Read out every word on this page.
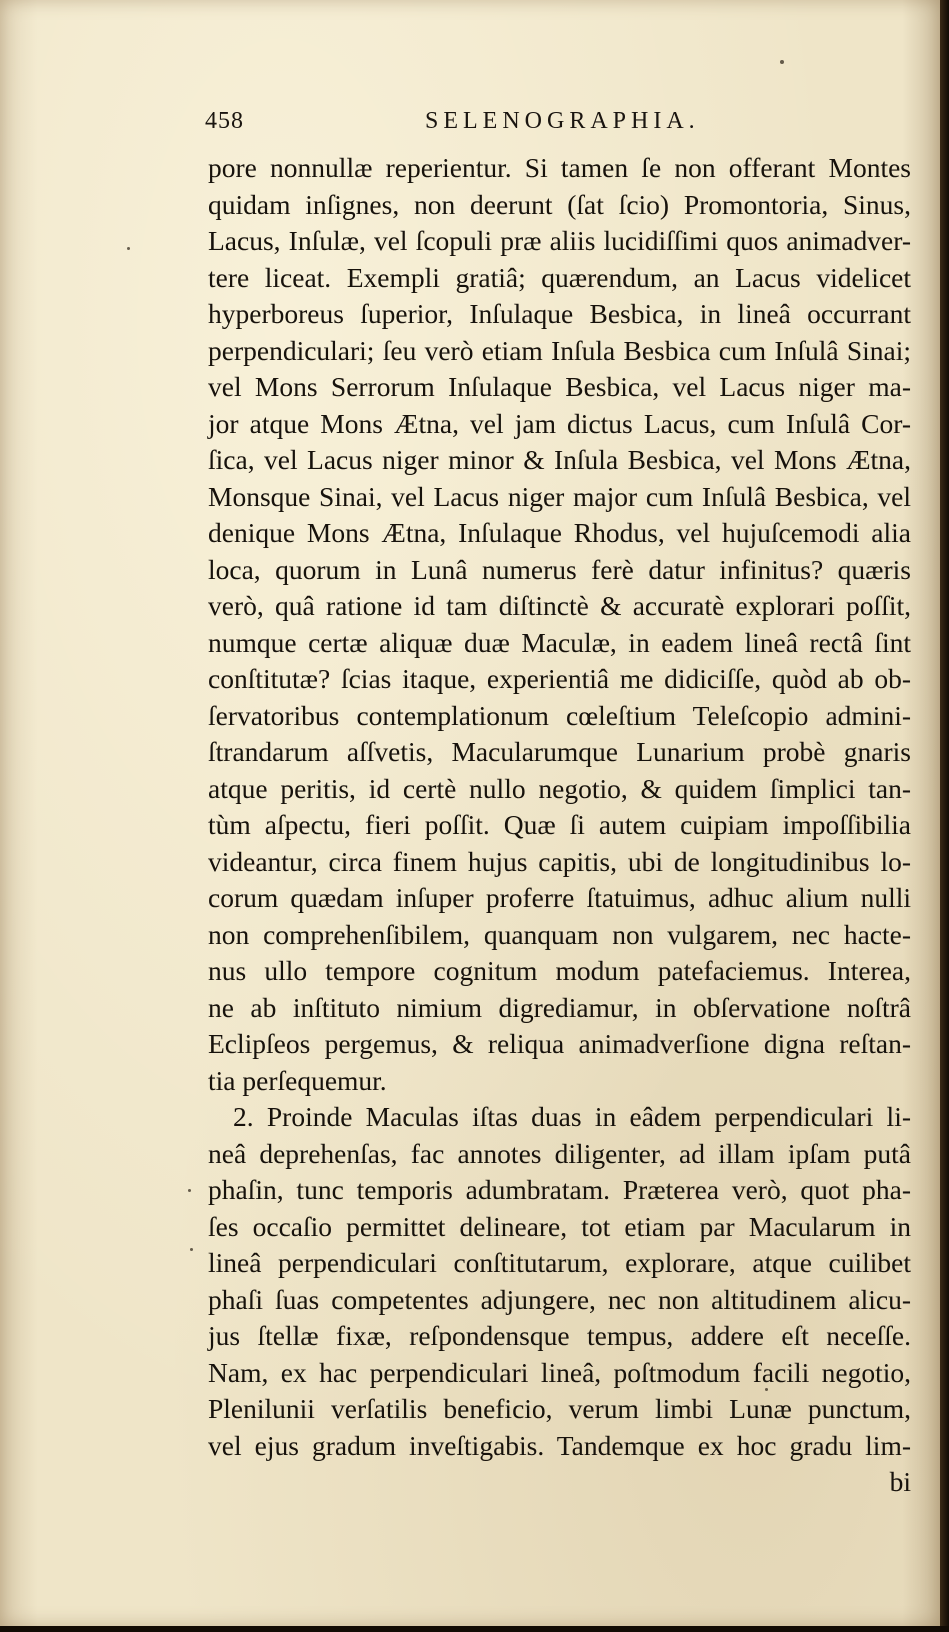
458	SELENOGRAPHIA.
pore nonnullæ reperientur. Si tamen ſe non offerant Montes
quidam inſignes, non deerunt (ſat ſcio) Promontoria, Sinus,
Lacus, Inſulæ, vel ſcopuli præ aliis lucidiſſimi quos animadver-
tere liceat. Exempli gratiâ; quærendum, an Lacus videlicet
hyperboreus ſuperior, Inſulaque Besbica, in lineâ occurrant
perpendiculari; ſeu verò etiam Inſula Besbica cum Inſulâ Sinai;
vel Mons Serrorum Inſulaque Besbica, vel Lacus niger ma-
jor atque Mons Ætna, vel jam dictus Lacus, cum Inſulâ Cor-
ſica, vel Lacus niger minor & Inſula Besbica, vel Mons Ætna,
Monsque Sinai, vel Lacus niger major cum Inſulâ Besbica, vel
denique Mons Ætna, Inſulaque Rhodus, vel hujuſcemodi alia
loca, quorum in Lunâ numerus ferè datur infinitus? quæris
verò, quâ ratione id tam diſtinctè & accuratè explorari poſſit,
numque certæ aliquæ duæ Maculæ, in eadem lineâ rectâ ſint
conſtitutæ? ſcias itaque, experientiâ me didiciſſe, quòd ab ob-
ſervatoribus contemplationum cœleſtium Teleſcopio admini-
ſtrandarum aſſvetis, Macularumque Lunarium probè gnaris
atque peritis, id certè nullo negotio, & quidem ſimplici tan-
tùm aſpectu, fieri poſſit. Quæ ſi autem cuipiam impoſſibilia
videantur, circa finem hujus capitis, ubi de longitudinibus lo-
corum quædam inſuper proferre ſtatuimus, adhuc alium nulli
non comprehenſibilem, quanquam non vulgarem, nec hacte-
nus ullo tempore cognitum modum patefaciemus. Interea,
ne ab inſtituto nimium digrediamur, in obſervatione noſtrâ
Eclipſeos pergemus, & reliqua animadverſione digna reſtan-
tia perſequemur.
2. Proinde Maculas iſtas duas in eâdem perpendiculari li-
neâ deprehenſas, fac annotes diligenter, ad illam ipſam putâ
phaſin, tunc temporis adumbratam. Præterea verò, quot pha-
ſes occaſio permittet delineare, tot etiam par Macularum in
lineâ perpendiculari conſtitutarum, explorare, atque cuilibet
phaſi ſuas competentes adjungere, nec non altitudinem alicu-
jus ſtellæ fixæ, reſpondensque tempus, addere eſt neceſſe.
Nam, ex hac perpendiculari lineâ, poſtmodum facili negotio,
Plenilunii verſatilis beneficio, verum limbi Lunæ punctum,
vel ejus gradum inveſtigabis. Tandemque ex hoc gradu lim-
bi
